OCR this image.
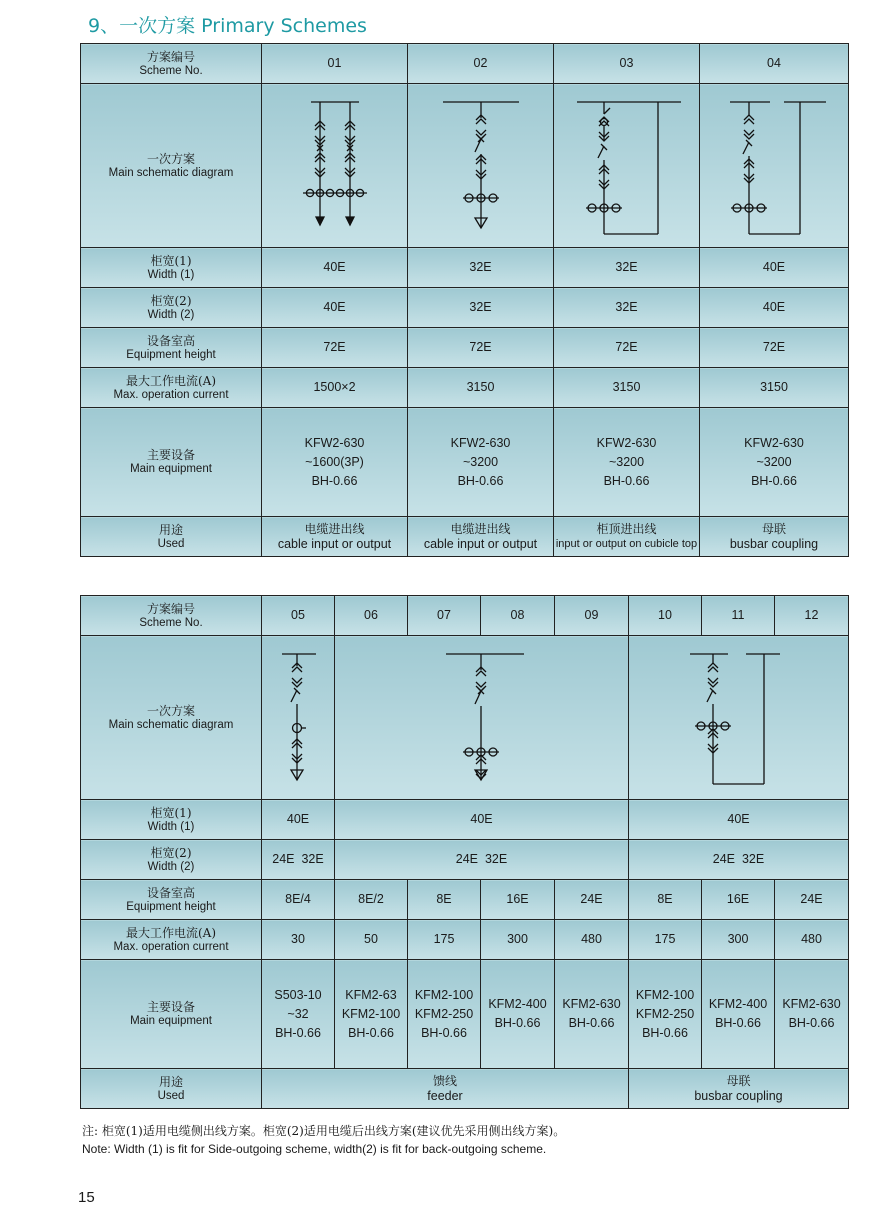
9、一次方案 Primary Schemes
方案编号
Scheme No.	01	02	03	04

一次方案
Main schematic diagram

柜宽(1)
Width (1)	40E	32E	32E	40E

柜宽(2)
Width (2)	40E	32E	32E	40E

设备室高
Equipment height	72E	72E	72E	72E

最大工作电流(A)
Max. operation current	1500×2	3150	3150	3150

主要设备
Main equipment	KFW2-630
~1600(3P)
BH-0.66	KFW2-630
~3200
BH-0.66	KFW2-630
~3200
BH-0.66	KFW2-630
~3200
BH-0.66

用途
Used	电缆进出线
cable input or output	电缆进出线
cable input or output	柜顶进出线
input or output on cubicle top	母联
busbar coupling
方案编号
Scheme No.	05	06	07	08	09	10	11	12

一次方案
Main schematic diagram

柜宽(1)
Width (1)	40E	40E				40E		

柜宽(2)
Width (2)	24E  32E	24E  32E				24E  32E		

设备室高
Equipment height	8E/4	8E/2	8E	16E	24E	8E	16E	24E

最大工作电流(A)
Max. operation current	30	50	175	300	480	175	300	480

主要设备
Main equipment	S503-10
~32
BH-0.66	KFM2-63
KFM2-100
BH-0.66	KFM2-100
KFM2-250
BH-0.66	KFM2-400
BH-0.66	KFM2-630
BH-0.66	KFM2-100
KFM2-250
BH-0.66	KFM2-400
BH-0.66	KFM2-630
BH-0.66

用途
Used	馈线
feeder					母联
busbar coupling		
注: 柜宽(1)适用电缆侧出线方案。柜宽(2)适用电缆后出线方案(建议优先采用侧出线方案)。
Note: Width (1) is fit for Side-outgoing scheme, width(2) is fit for back-outgoing scheme.
15
